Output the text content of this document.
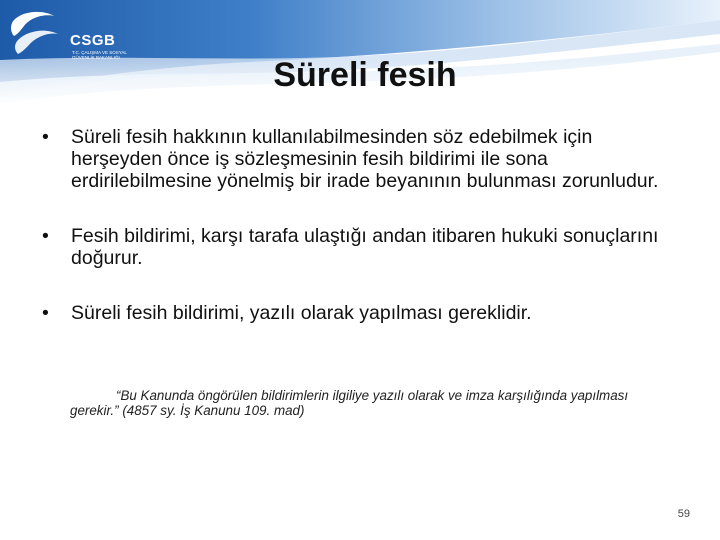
CSGB
T.C. ÇALIŞMA VE SOSYAL GÜVENLİK BAKANLIĞI	Süreli fesih
• Süreli fesih hakkının kullanılabilmesinden söz edebilmek için herşeyden önce iş sözleşmesinin fesih bildirimi ile sona erdirilebilmesine yönelmiş bir irade beyanının bulunması zorunludur.
• Fesih bildirimi, karşı tarafa ulaştığı andan itibaren hukuki sonuçlarını doğurur.
• Süreli fesih bildirimi, yazılı olarak yapılması gereklidir.
“Bu Kanunda öngörülen bildirimlerin ilgiliye yazılı olarak ve imza karşılığında yapılması gerekir.” (4857 sy. İş Kanunu 109. mad)
59
